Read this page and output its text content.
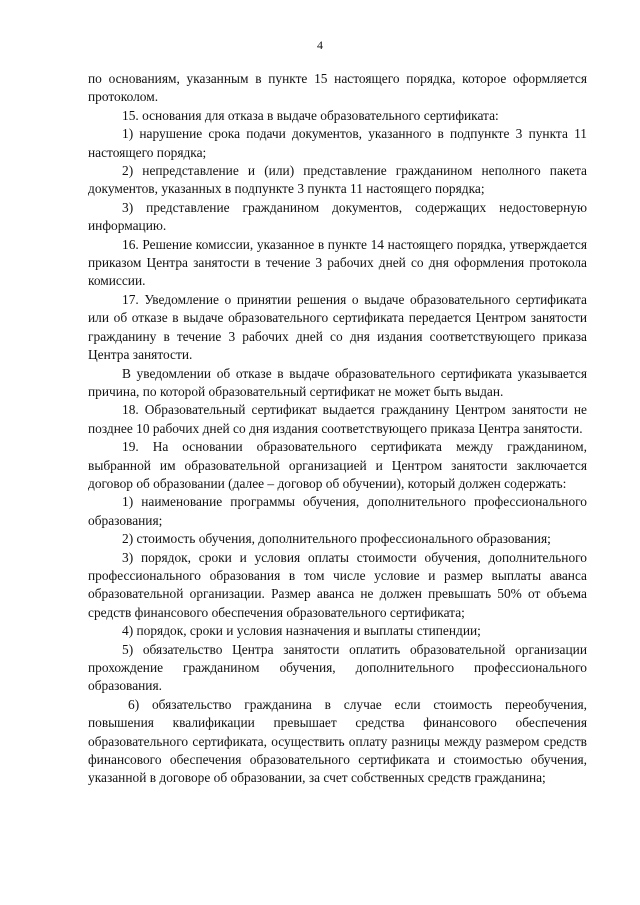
4

по основаниям, указанным в пункте 15 настоящего порядка, которое оформляется протоколом.

15. основания для отказа в выдаче образовательного сертификата:

1) нарушение срока подачи документов, указанного в подпункте 3 пункта 11 настоящего порядка;

2) непредставление и (или) представление гражданином неполного пакета документов, указанных в подпункте 3 пункта 11 настоящего порядка;

3) представление гражданином документов, содержащих недостоверную информацию.

16. Решение комиссии, указанное в пункте 14 настоящего порядка, утверждается приказом Центра занятости в течение 3 рабочих дней со дня оформления протокола комиссии.

17. Уведомление о принятии решения о выдаче образовательного сертификата или об отказе в выдаче образовательного сертификата передается Центром занятости гражданину в течение 3 рабочих дней со дня издания соответствующего приказа Центра занятости.

В уведомлении об отказе в выдаче образовательного сертификата указывается причина, по которой образовательный сертификат не может быть выдан.

18. Образовательный сертификат выдается гражданину Центром занятости не позднее 10 рабочих дней со дня издания соответствующего приказа Центра занятости.

19. На основании образовательного сертификата между гражданином, выбранной им образовательной организацией и Центром занятости заключается договор об образовании (далее – договор об обучении), который должен содержать:

1) наименование программы обучения, дополнительного профессионального образования;

2) стоимость обучения, дополнительного профессионального образования;

3) порядок, сроки и условия оплаты стоимости обучения, дополнительного профессионального образования в том числе условие и размер выплаты аванса образовательной организации. Размер аванса не должен превышать 50% от объема средств финансового обеспечения образовательного сертификата;

4) порядок, сроки и условия назначения и выплаты стипендии;

5) обязательство Центра занятости оплатить образовательной организации прохождение гражданином обучения, дополнительного профессионального образования.

6) обязательство гражданина в случае если стоимость переобучения, повышения квалификации превышает средства финансового обеспечения образовательного сертификата, осуществить оплату разницы между размером средств финансового обеспечения образовательного сертификата и стоимостью обучения, указанной в договоре об образовании, за счет собственных средств гражданина;
